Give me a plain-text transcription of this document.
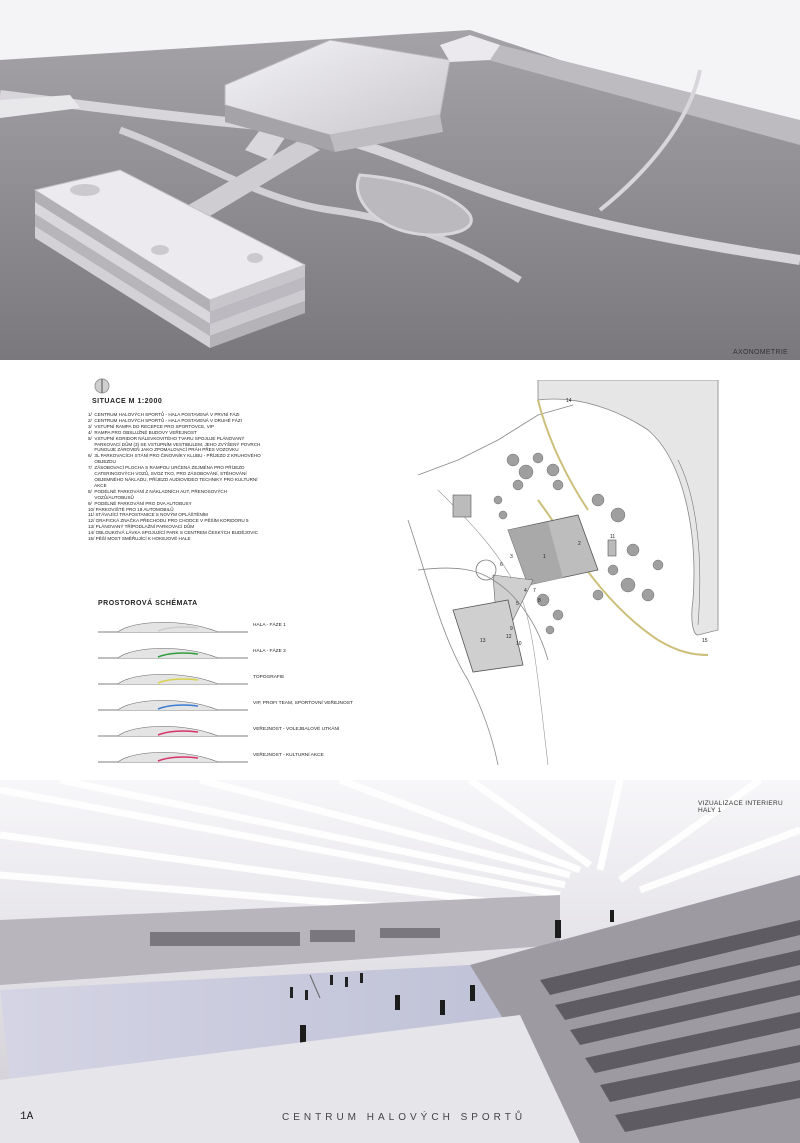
AXONOMETRIE
SITUACE M 1:2000
1/  CENTRUM HALOVÝCH SPORTŮ - HALA POSTAVENÁ V PRVNÍ FÁZI
2/  CENTRUM HALOVÝCH SPORTŮ - HALA POSTAVENÁ V DRUHÉ FÁZI
3/  VSTUPNÍ RAMPA DO RECEPCE PRO SPORTOVCE, VIP
4/  RAMPA PRO OBSLUŽNÉ BUDOVY VEŘEJNOST
5/  VSTUPNÍ KORIDOR NÁLEVKOVITÉHO TVARU SPOJUJE PLÁNOVANÝ
PARKOVACÍ DŮM (3) SE VSTUPNÍM VESTIBULEM, JEHO ZVÝŠENÝ POVRCH
FUNGUJE ZÁROVEŇ JAKO ZPOMALOVACÍ PRÁH PŘES VOZOVKU
6/  3L PARKOVACÍCH STÁNÍ PRO ČINOVNÍKY KLUBU - PŘÍJEZD Z KRUHOVÉHO
OBJEZDU
7/  ZÁSOBOVACÍ PLOCHA S RAMPOU URČENÁ ZEJMÉNA PRO PŘÍJEZD
CATERINGOVÝCH VOZŮ, SVOZ TKO, PRO ZÁSOBOVÁNÍ, STĚHOVÁNÍ
OBJEMNÉHO NÁKLADU, PŘÍJEZD AUDIOVIDEO TECHNIKY PRO KULTURNÍ
AKCE
8/  PODÉLNÉ PARKOVÁNÍ Z NÁKLADNÍCH AUT, PŘENOSOVÝCH
VOZŮ/AUTOBUSŮ
9/  PODÉLNÉ PARKOVÁNÍ PRO DVA AUTOBUSY
10/ PARKOVIŠTĚ PRO 19 AUTOMOBILŮ
11/ STÁVAJÍCÍ TRAFOSTANICE S NOVÝM OPLÁŠTĚNÍM
12/ GRAFICKÁ ZNAČKA PŘECHODU PRO CHODCE V PĚŠÍM KORIDORU 5
13/ PLÁNOVANÝ TŘÍPODLAŽNÍ PARKOVACÍ DŮM
14/ OBLOUKOVÁ LÁVKA SPOJUJÍCÍ PARK S CENTREM ČESKÝCH BUDĚJOVIC
15/ PĚŠÍ MOST SMĚŘUJÍCÍ K HOKEJOVÉ HALE
PROSTOROVÁ SCHÉMATA
HALA - FÁZE 1
HALA - FÁZE 2
TOPOGRAFIE
VIP, PROFI TEAM, SPORTOVNÍ VEŘEJNOST
VEŘEJNOST - VOLEJBALOVÉ UTKÁNÍ
VEŘEJNOST - KULTURNÍ AKCE
1
2
3
4
5
6
7
8
9
10
11
12
13
14
15
VIZUALIZACE INTERIERU HALY 1
1A	CENTRUM HALOVÝCH SPORTŮ
